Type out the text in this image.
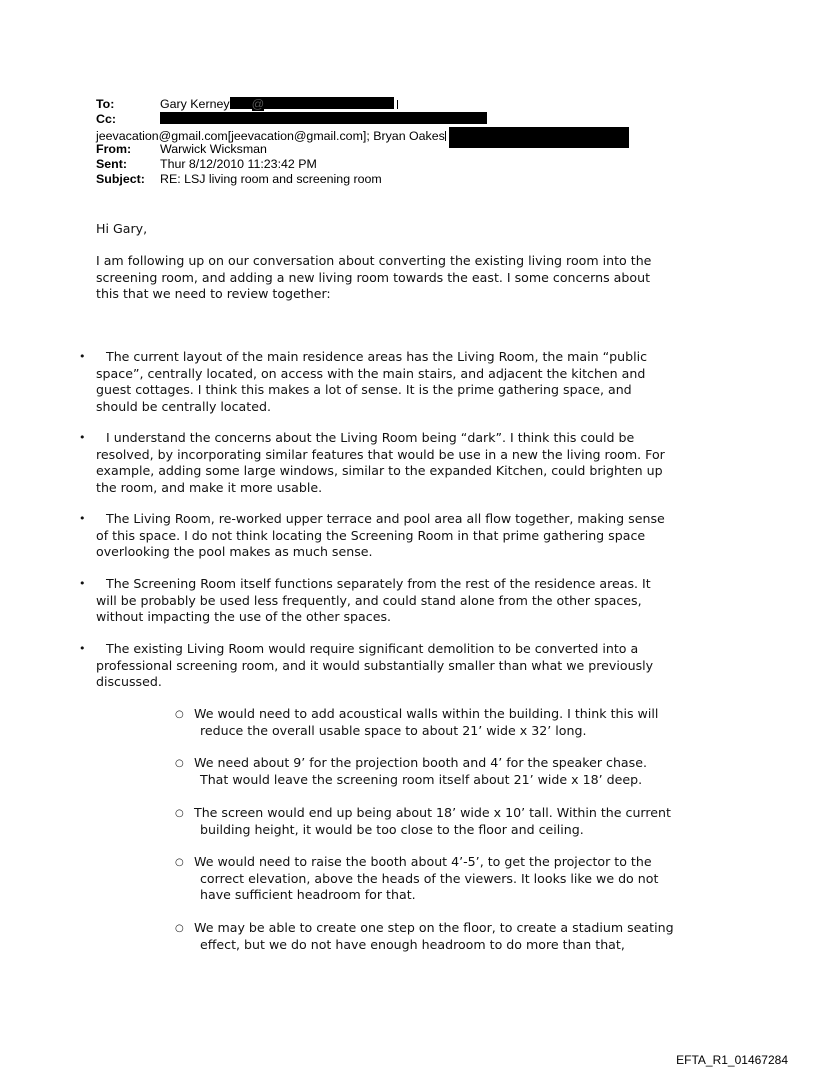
To:	Gary Kerney @
Cc:
jeevacation@gmail.com[jeevacation@gmail.com]; Bryan Oakes
From: Warwick Wicksman
Sent:	Thur 8/12/2010 11:23:42 PM
Subject: RE: LSJ living room and screening room

Hi Gary,

I am following up on our conversation about converting the existing living room into the

screening room, and adding a new living room towards the east. I some concerns about

this that we need to review together:

•	The current layout of the main residence areas has the Living Room, the main “public

space”, centrally located, on access with the main stairs, and adjacent the kitchen and

guest cottages. I think this makes a lot of sense. It is the prime gathering space, and

should be centrally located.

•	I understand the concerns about the Living Room being “dark”. I think this could be

resolved, by incorporating similar features that would be use in a new the living room. For

example, adding some large windows, similar to the expanded Kitchen, could brighten up

the room, and make it more usable.

•	The Living Room, re-worked upper terrace and pool area all flow together, making sense

of this space. I do not think locating the Screening Room in that prime gathering space

overlooking the pool makes as much sense.

•	The Screening Room itself functions separately from the rest of the residence areas. It

will be probably be used less frequently, and could stand alone from the other spaces,

without impacting the use of the other spaces.

•	The existing Living Room would require significant demolition to be converted into a

professional screening room, and it would substantially smaller than what we previously

discussed.

○ We would need to add acoustical walls within the building. I think this will
reduce the overall usable space to about 21’ wide x 32’ long.
○ We need about 9’ for the projection booth and 4’ for the speaker chase.
That would leave the screening room itself about 21’ wide x 18’ deep.
○ The screen would end up being about 18’ wide x 10’ tall. Within the current
building height, it would be too close to the floor and ceiling.
○ We would need to raise the booth about 4’-5’, to get the projector to the
correct elevation, above the heads of the viewers. It looks like we do not
have sufficient headroom for that.
○ We may be able to create one step on the floor, to create a stadium seating
effect, but we do not have enough headroom to do more than that,
EFTA_R1_01467284
